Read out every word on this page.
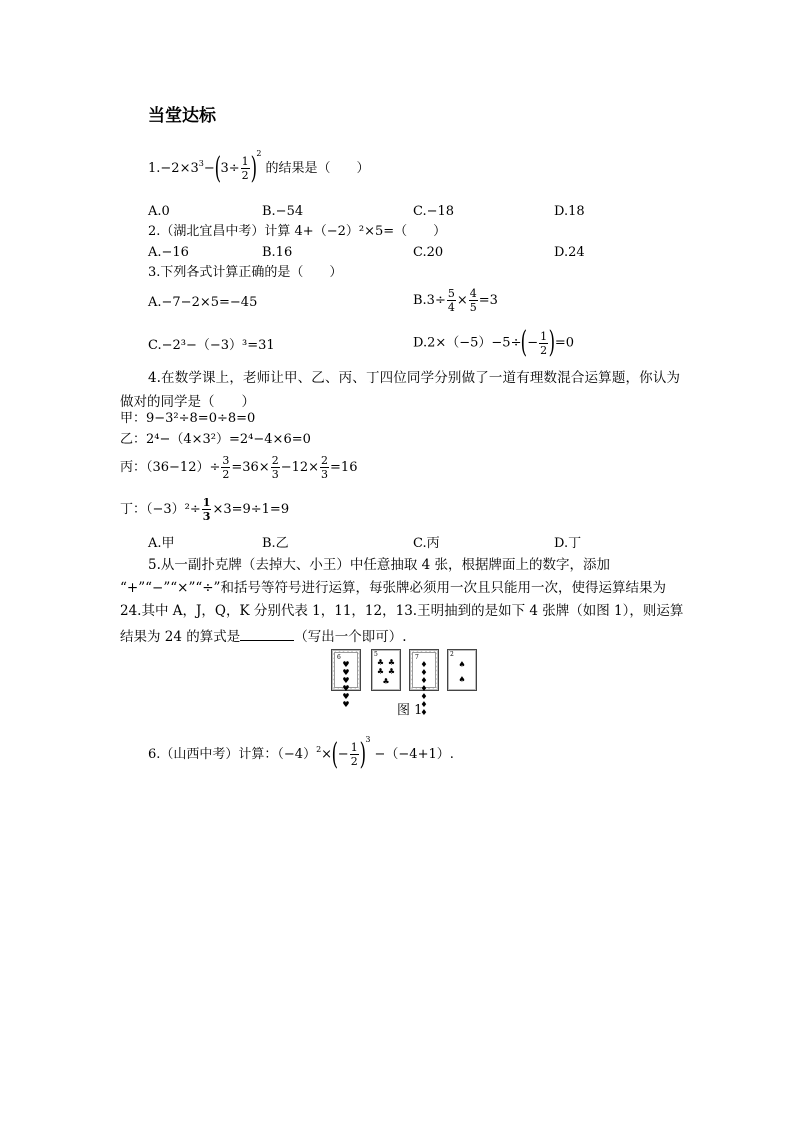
当堂达标
$1.-2\times 3^3-(3\div \frac{1}{2} )^2$的结果是（　　）
A.0	B.−54	C.−18	D.18
2.（湖北宜昌中考）计算 4+（−2）²×5=（　　）
A.−16	B.16	C.20	D.24
3.下列各式计算正确的是（　　）
A.−7−2×5=−45	$B.3\div \frac{5}{4} \times \frac{4}{5} =3$
C.−2³−（−3）³=31	$D.2\times(-5)-5\div(- \frac{1}{2} )=0$
4.在数学课上，老师让甲、乙、丙、丁四位同学分别做了一道有理数混合运算题，你认为做对的同学是（　　）
甲：9−3²÷8=0÷8=0
乙：2⁴−（4×3²）=2⁴−4×6=0
丙：$(36-12)\div \frac{3}{2} =36\times \frac{2}{3} -12\times \frac{2}{3} =16$
丁：$(-3)^2\div \frac{1}{3} \times 3=9\div 1=9$
A.甲	B.乙	C.丙	D.丁
5.从一副扑克牌（去掉大、小王）中任意抽取 4 张，根据牌面上的数字，添加
“+”“−”“×”“÷”和括号等符号进行运算，每张牌必须用一次且只能用一次，使得运算结果为
24.其中 A，J，Q，K 分别代表 1，11，12，13.王明抽到的是如下 4 张牌（如图 1），则运算
结果为 24 的算式是	（写出一个即可）.
6
♥
♥
♥
♥
♥
♥
5
♣ ♣
♣ ♣
♣
7
♦
♦
♦
♦
♦
♦
♦
2
♠
♠
图 1
6.（山西中考）计算：$(-4)^2\times(- \frac{1}{2} )^3-(-4+1)$.
